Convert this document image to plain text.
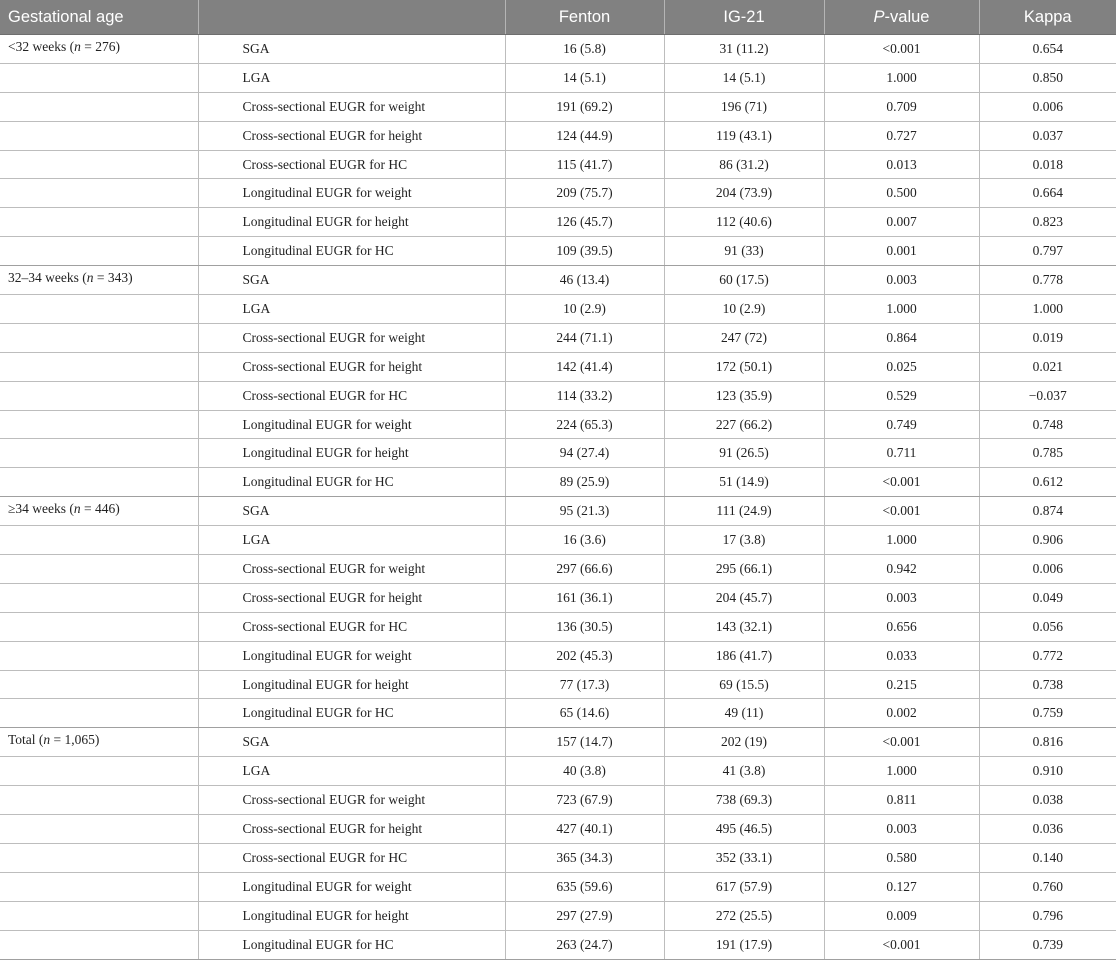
Gestational age		Fenton	IG-21	P-value	Kappa
<32 weeks (n = 276)	SGA	16 (5.8)	31 (11.2)	<0.001	0.654
	LGA	14 (5.1)	14 (5.1)	1.000	0.850
	Cross-sectional EUGR for weight	191 (69.2)	196 (71)	0.709	0.006
	Cross-sectional EUGR for height	124 (44.9)	119 (43.1)	0.727	0.037
	Cross-sectional EUGR for HC	115 (41.7)	86 (31.2)	0.013	0.018
	Longitudinal EUGR for weight	209 (75.7)	204 (73.9)	0.500	0.664
	Longitudinal EUGR for height	126 (45.7)	112 (40.6)	0.007	0.823
	Longitudinal EUGR for HC	109 (39.5)	91 (33)	0.001	0.797
32–34 weeks (n = 343)	SGA	46 (13.4)	60 (17.5)	0.003	0.778
	LGA	10 (2.9)	10 (2.9)	1.000	1.000
	Cross-sectional EUGR for weight	244 (71.1)	247 (72)	0.864	0.019
	Cross-sectional EUGR for height	142 (41.4)	172 (50.1)	0.025	0.021
	Cross-sectional EUGR for HC	114 (33.2)	123 (35.9)	0.529	−0.037
	Longitudinal EUGR for weight	224 (65.3)	227 (66.2)	0.749	0.748
	Longitudinal EUGR for height	94 (27.4)	91 (26.5)	0.711	0.785
	Longitudinal EUGR for HC	89 (25.9)	51 (14.9)	<0.001	0.612
≥34 weeks (n = 446)	SGA	95 (21.3)	111 (24.9)	<0.001	0.874
	LGA	16 (3.6)	17 (3.8)	1.000	0.906
	Cross-sectional EUGR for weight	297 (66.6)	295 (66.1)	0.942	0.006
	Cross-sectional EUGR for height	161 (36.1)	204 (45.7)	0.003	0.049
	Cross-sectional EUGR for HC	136 (30.5)	143 (32.1)	0.656	0.056
	Longitudinal EUGR for weight	202 (45.3)	186 (41.7)	0.033	0.772
	Longitudinal EUGR for height	77 (17.3)	69 (15.5)	0.215	0.738
	Longitudinal EUGR for HC	65 (14.6)	49 (11)	0.002	0.759
Total (n = 1,065)	SGA	157 (14.7)	202 (19)	<0.001	0.816
	LGA	40 (3.8)	41 (3.8)	1.000	0.910
	Cross-sectional EUGR for weight	723 (67.9)	738 (69.3)	0.811	0.038
	Cross-sectional EUGR for height	427 (40.1)	495 (46.5)	0.003	0.036
	Cross-sectional EUGR for HC	365 (34.3)	352 (33.1)	0.580	0.140
	Longitudinal EUGR for weight	635 (59.6)	617 (57.9)	0.127	0.760
	Longitudinal EUGR for height	297 (27.9)	272 (25.5)	0.009	0.796
	Longitudinal EUGR for HC	263 (24.7)	191 (17.9)	<0.001	0.739
